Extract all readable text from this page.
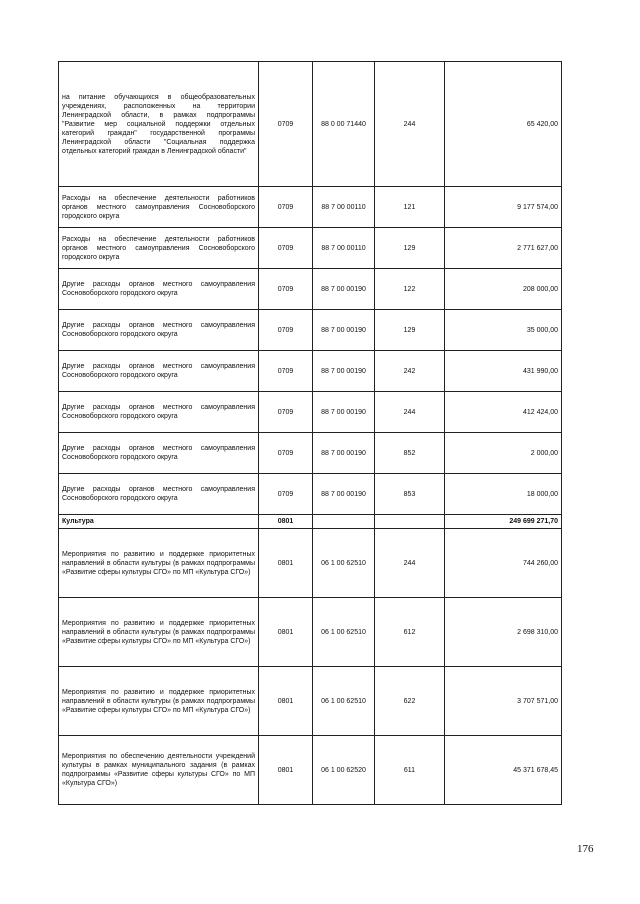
на питание обучающихся в общеобразовательных учреждениях, расположенных на территории Ленинградской области, в рамках подпрограммы "Развитие мер социальной поддержки отдельных категорий граждан" государственной программы Ленинградской области "Социальная поддержка отдельных категорий граждан в Ленинградской области"	0709	88 0 00 71440	244	65 420,00
Расходы на обеспечение деятельности работников органов местного самоуправления Сосновоборского городского округа	0709	88 7 00 00110	121	9 177 574,00
Расходы на обеспечение деятельности работников органов местного самоуправления Сосновоборского городского округа	0709	88 7 00 00110	129	2 771 627,00
Другие расходы органов местного самоуправления Сосновоборского городского округа	0709	88 7 00 00190	122	208 000,00
Другие расходы органов местного самоуправления Сосновоборского городского округа	0709	88 7 00 00190	129	35 000,00
Другие расходы органов местного самоуправления Сосновоборского городского округа	0709	88 7 00 00190	242	431 990,00
Другие расходы органов местного самоуправления Сосновоборского городского округа	0709	88 7 00 00190	244	412 424,00
Другие расходы органов местного самоуправления Сосновоборского городского округа	0709	88 7 00 00190	852	2 000,00
Другие расходы органов местного самоуправления Сосновоборского городского округа	0709	88 7 00 00190	853	18 000,00
Культура	0801			249 699 271,70
Мероприятия по развитию и поддержке приоритетных направлений в области культуры (в рамках подпрограммы «Развитие сферы культуры СГО» по МП «Культура СГО»)	0801	06 1 00 62510	244	744 260,00
Мероприятия по развитию и поддержке приоритетных направлений в области культуры (в рамках подпрограммы «Развитие сферы культуры СГО» по МП «Культура СГО»)	0801	06 1 00 62510	612	2 698 310,00
Мероприятия по развитию и поддержке приоритетных направлений в области культуры (в рамках подпрограммы «Развитие сферы культуры СГО» по МП «Культура СГО»)	0801	06 1 00 62510	622	3 707 571,00
Мероприятия по обеспечению деятельности учреждений культуры в рамках муниципального задания (в рамках подпрограммы «Развитие сферы культуры СГО» по МП «Культура СГО»)	0801	06 1 00 62520	611	45 371 678,45
176
